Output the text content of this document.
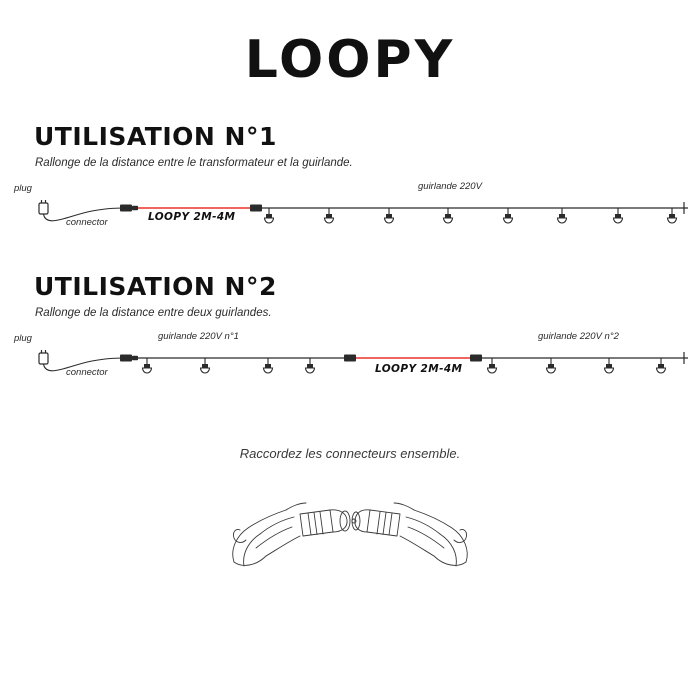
LOOPY
UTILISATION N°1
Rallonge de la distance entre le transformateur et la guirlande.
plug
connector	LOOPY 2M-4M
guirlande 220V
UTILISATION N°2
Rallonge de la distance entre deux guirlandes.
plug
connector
guirlande 220V n°1
LOOPY 2M-4M
guirlande 220V n°2
Raccordez les connecteurs ensemble.
